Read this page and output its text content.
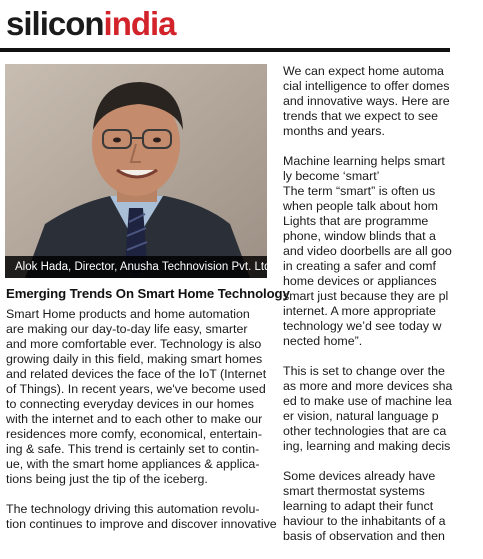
siliconindia
Alok Hada, Director, Anusha Technovision Pvt. Ltd.
Emerging Trends On Smart Home Technology

Smart Home products and home automation
are making our day-to-day life easy, smarter
and more comfortable ever. Technology is also
growing daily in this field, making smart homes
and related devices the face of the IoT (Internet
of Things). In recent years, we've become used
to connecting everyday devices in our homes
with the internet and to each other to make our
residences more comfy, economical, entertain-
ing & safe. This trend is certainly set to contin-
ue, with the smart home appliances & applica-
tions being just the tip of the iceberg.

The technology driving this automation revolu-
tion continues to improve and discover innovative

We can expect home automa
cial intelligence to offer domes
and innovative ways. Here are
trends that we expect to see
months and years.

Machine learning helps smart
ly become ‘smart’
The term “smart” is often us
when people talk about hom
Lights that are programme
phone, window blinds that a
and video doorbells are all goo
in creating a safer and comf
home devices or appliances
smart just because they are pl
internet. A more appropriate
technology we’d see today w
nected home”.

This is set to change over the
as more and more devices sha
ed to make use of machine lea
er vision, natural language p
other technologies that are ca
ing, learning and making decis

Some devices already have
smart thermostat systems
learning to adapt their funct
haviour to the inhabitants of a
basis of observation and then
